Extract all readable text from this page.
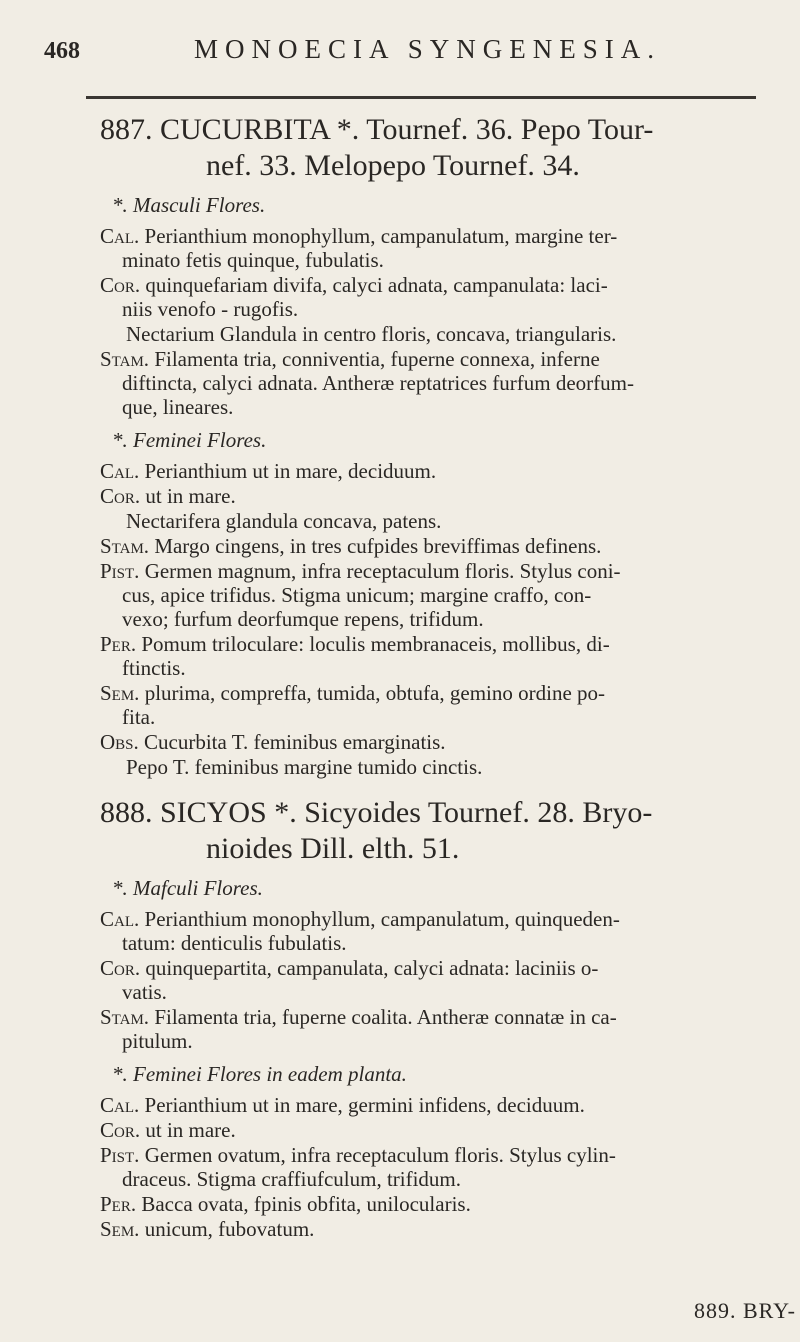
468	MONOECIA SYNGENESIA.
887. CUCURBITA *. Tournef. 36. Pepo Tour-
nef. 33. Melopepo Tournef. 34.
*. Masculi Flores.
Cal. Perianthium monophyllum, campanulatum, margine ter-
minato fetis quinque, fubulatis.
Cor. quinquefariam divifa, calyci adnata, campanulata: laci-
niis venofo - rugofis.
Nectarium Glandula in centro floris, concava, triangularis.
Stam. Filamenta tria, conniventia, fuperne connexa, inferne
diftincta, calyci adnata. Antheræ reptatrices furfum deorfum-
que, lineares.
*. Feminei Flores.
Cal. Perianthium ut in mare, deciduum.
Cor. ut in mare.
Nectarifera glandula concava, patens.
Stam. Margo cingens, in tres cufpides breviffimas definens.
Pist. Germen magnum, infra receptaculum floris. Stylus coni-
cus, apice trifidus. Stigma unicum; margine craffo, con-
vexo; furfum deorfumque repens, trifidum.
Per. Pomum triloculare: loculis membranaceis, mollibus, di-
ftinctis.
Sem. plurima, compreffa, tumida, obtufa, gemino ordine po-
fita.
Obs. Cucurbita T. feminibus emarginatis.
Pepo T. feminibus margine tumido cinctis.
888. SICYOS *. Sicyoides Tournef. 28. Bryo-
nioides Dill. elth. 51.
*. Mafculi Flores.
Cal. Perianthium monophyllum, campanulatum, quinqueden-
tatum: denticulis fubulatis.
Cor. quinquepartita, campanulata, calyci adnata: laciniis o-
vatis.
Stam. Filamenta tria, fuperne coalita. Antheræ connatæ in ca-
pitulum.
*. Feminei Flores in eadem planta.
Cal. Perianthium ut in mare, germini infidens, deciduum.
Cor. ut in mare.
Pist. Germen ovatum, infra receptaculum floris. Stylus cylin-
draceus. Stigma craffiufculum, trifidum.
Per. Bacca ovata, fpinis obfita, unilocularis.
Sem. unicum, fubovatum.
889. BRY-
